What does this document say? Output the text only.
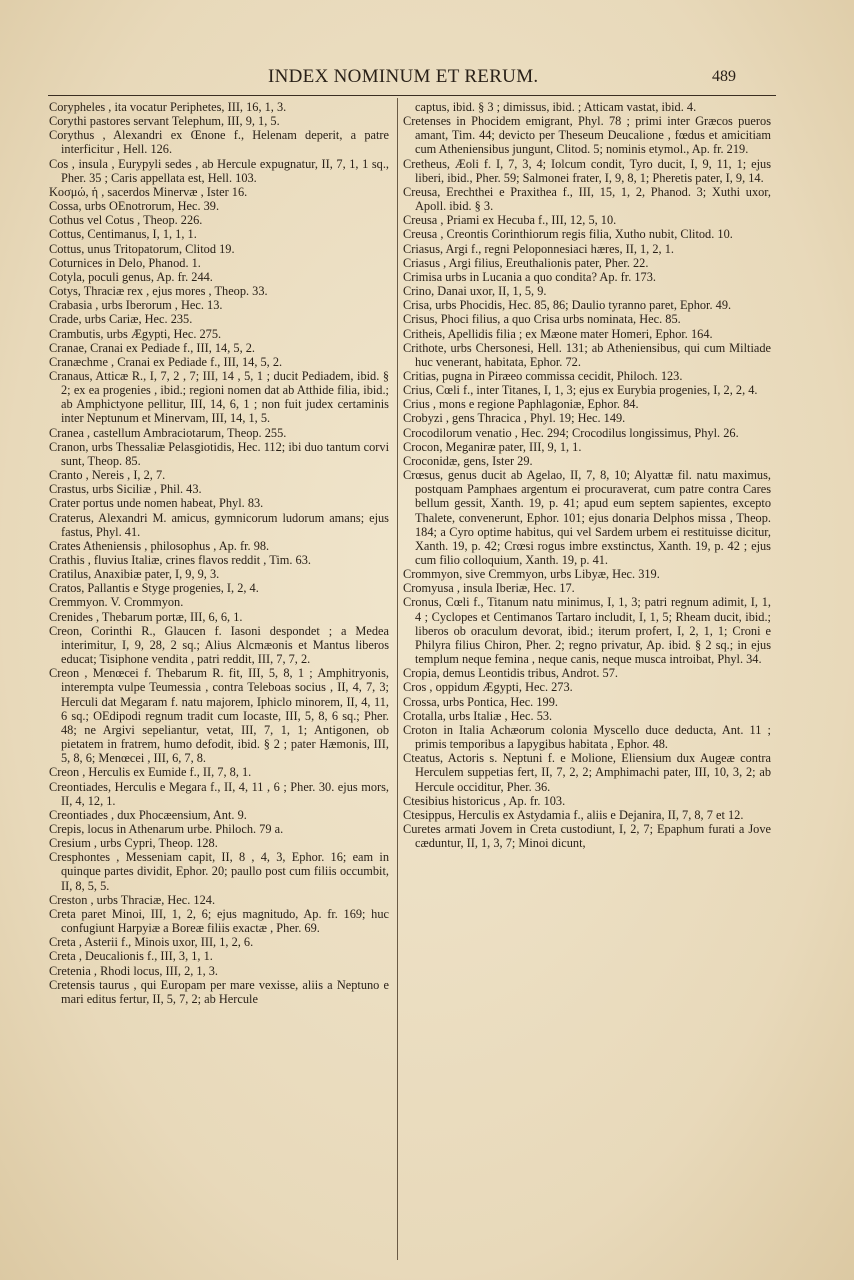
INDEX NOMINUM ET RERUM.	489

Corypheles , ita vocatur Periphetes, III, 16, 1, 3.

Corythi pastores servant Telephum, III, 9, 1, 5.

Corythus , Alexandri ex Œnone f., Helenam deperit, a patre interficitur , Hell. 126.

Cos , insula , Eurypyli sedes , ab Hercule expugnatur, II, 7, 1, 1 sq., Pher. 35 ; Caris appellata est, Hell. 103.

Κοσμώ, ἡ , sacerdos Minervæ , Ister 16.

Cossa, urbs OEnotrorum, Hec. 39.

Cothus vel Cotus , Theop. 226.

Cottus, Centimanus, I, 1, 1, 1.

Cottus, unus Tritopatorum, Clitod 19.

Coturnices in Delo, Phanod. 1.

Cotyla, poculi genus, Ap. fr. 244.

Cotys, Thraciæ rex , ejus mores , Theop. 33.

Crabasia , urbs Iberorum , Hec. 13.

Crade, urbs Cariæ, Hec. 235.

Crambutis, urbs Ægypti, Hec. 275.

Cranae, Cranai ex Pediade f., III, 14, 5, 2.

Cranæchme , Cranai ex Pediade f., III, 14, 5, 2.

Cranaus, Atticæ R., I, 7, 2 , 7; III, 14 , 5, 1 ; ducit Pediadem, ibid. § 2; ex ea progenies , ibid.; regioni nomen dat ab Atthide filia, ibid.; ab Amphictyone pellitur, III, 14, 6, 1 ; non fuit judex certaminis inter Neptunum et Minervam, III, 14, 1, 5.

Cranea , castellum Ambraciotarum, Theop. 255.

Cranon, urbs Thessaliæ Pelasgiotidis, Hec. 112; ibi duo tantum corvi sunt, Theop. 85.

Cranto , Nereis , I, 2, 7.

Crastus, urbs Siciliæ , Phil. 43.

Crater portus unde nomen habeat, Phyl. 83.

Craterus, Alexandri M. amicus, gymnicorum ludorum amans; ejus fastus, Phyl. 41.

Crates Atheniensis , philosophus , Ap. fr. 98.

Crathis , fluvius Italiæ, crines flavos reddit , Tim. 63.

Cratilus, Anaxibiæ pater, I, 9, 9, 3.

Cratos, Pallantis e Styge progenies, I, 2, 4.

Cremmyon. V. Crommyon.

Crenides , Thebarum portæ, III, 6, 6, 1.

Creon, Corinthi R., Glaucen f. Iasoni despondet ; a Medea interimitur, I, 9, 28, 2 sq.; Alius Alcmæonis et Mantus liberos educat; Tisiphone vendita , patri reddit, III, 7, 7, 2.

Creon , Menœcei f. Thebarum R. fit, III, 5, 8, 1 ; Amphitryonis, interempta vulpe Teumessia , contra Teleboas socius , II, 4, 7, 3; Herculi dat Megaram f. natu majorem, Iphiclo minorem, II, 4, 11, 6 sq.; OEdipodi regnum tradit cum Iocaste, III, 5, 8, 6 sq.; Pher. 48; ne Argivi sepeliantur, vetat, III, 7, 1, 1; Antigonen, ob pietatem in fratrem, humo defodit, ibid. § 2 ; pater Hæmonis, III, 5, 8, 6; Menœcei , III, 6, 7, 8.

Creon , Herculis ex Eumide f., II, 7, 8, 1.

Creontiades, Herculis e Megara f., II, 4, 11 , 6 ; Pher. 30. ejus mors, II, 4, 12, 1.

Creontiades , dux Phocæensium, Ant. 9.

Crepis, locus in Athenarum urbe. Philoch. 79 a.

Cresium , urbs Cypri, Theop. 128.

Cresphontes , Messeniam capit, II, 8 , 4, 3, Ephor. 16; eam in quinque partes dividit, Ephor. 20; paullo post cum filiis occumbit, II, 8, 5, 5.

Creston , urbs Thraciæ, Hec. 124.

Creta paret Minoi, III, 1, 2, 6; ejus magnitudo, Ap. fr. 169; huc confugiunt Harpyiæ a Boreæ filiis exactæ , Pher. 69.

Creta , Asterii f., Minois uxor, III, 1, 2, 6.

Creta , Deucalionis f., III, 3, 1, 1.

Cretenia , Rhodi locus, III, 2, 1, 3.

Cretensis taurus , qui Europam per mare vexisse, aliis a Neptuno e mari editus fertur, II, 5, 7, 2; ab Hercule

captus, ibid. § 3 ; dimissus, ibid. ; Atticam vastat, ibid. 4.

Cretenses in Phocidem emigrant, Phyl. 78 ; primi inter Græcos pueros amant, Tim. 44; devicto per Theseum Deucalione , fœdus et amicitiam cum Atheniensibus jungunt, Clitod. 5; nominis etymol., Ap. fr. 219.

Cretheus, Æoli f. I, 7, 3, 4; Iolcum condit, Tyro ducit, I, 9, 11, 1; ejus liberi, ibid., Pher. 59; Salmonei frater, I, 9, 8, 1; Pheretis pater, I, 9, 14.

Creusa, Erechthei e Praxithea f., III, 15, 1, 2, Phanod. 3; Xuthi uxor, Apoll. ibid. § 3.

Creusa , Priami ex Hecuba f., III, 12, 5, 10.

Creusa , Creontis Corinthiorum regis filia, Xutho nubit, Clitod. 10.

Criasus, Argi f., regni Peloponnesiaci hæres, II, 1, 2, 1.

Criasus , Argi filius, Ereuthalionis pater, Pher. 22.

Crimisa urbs in Lucania a quo condita? Ap. fr. 173.

Crino, Danai uxor, II, 1, 5, 9.

Crisa, urbs Phocidis, Hec. 85, 86; Daulio tyranno paret, Ephor. 49.

Crisus, Phoci filius, a quo Crisa urbs nominata, Hec. 85.

Critheis, Apellidis filia ; ex Mæone mater Homeri, Ephor. 164.

Crithote, urbs Chersonesi, Hell. 131; ab Atheniensibus, qui cum Miltiade huc venerant, habitata, Ephor. 72.

Critias, pugna in Piræeo commissa cecidit, Philoch. 123.

Crius, Cœli f., inter Titanes, I, 1, 3; ejus ex Eurybia progenies, I, 2, 2, 4.

Crius , mons e regione Paphlagoniæ, Ephor. 84.

Crobyzi , gens Thracica , Phyl. 19; Hec. 149.

Crocodilorum venatio , Hec. 294; Crocodilus longissimus, Phyl. 26.

Crocon, Meganiræ pater, III, 9, 1, 1.

Croconidæ, gens, Ister 29.

Crœsus, genus ducit ab Agelao, II, 7, 8, 10; Alyattæ fil. natu maximus, postquam Pamphaes argentum ei procuraverat, cum patre contra Cares bellum gessit, Xanth. 19, p. 41; apud eum septem sapientes, excepto Thalete, convenerunt, Ephor. 101; ejus donaria Delphos missa , Theop. 184; a Cyro optime habitus, qui vel Sardem urbem ei restituisse dicitur, Xanth. 19, p. 42; Crœsi rogus imbre exstinctus, Xanth. 19, p. 42 ; ejus cum filio colloquium, Xanth. 19, p. 41.

Crommyon, sive Cremmyon, urbs Libyæ, Hec. 319.

Cromyusa , insula Iberiæ, Hec. 17.

Cronus, Cœli f., Titanum natu minimus, I, 1, 3; patri regnum adimit, I, 1, 4 ; Cyclopes et Centimanos Tartaro includit, I, 1, 5; Rheam ducit, ibid.; liberos ob oraculum devorat, ibid.; iterum profert, I, 2, 1, 1; Croni e Philyra filius Chiron, Pher. 2; regno privatur, Ap. ibid. § 2 sq.; in ejus templum neque femina , neque canis, neque musca introibat, Phyl. 34.

Cropia, demus Leontidis tribus, Androt. 57.

Cros , oppidum Ægypti, Hec. 273.

Crossa, urbs Pontica, Hec. 199.

Crotalla, urbs Italiæ , Hec. 53.

Croton in Italia Achæorum colonia Myscello duce deducta, Ant. 11 ; primis temporibus a Iapygibus habitata , Ephor. 48.

Cteatus, Actoris s. Neptuni f. e Molione, Eliensium dux Augeæ contra Herculem suppetias fert, II, 7, 2, 2; Amphimachi pater, III, 10, 3, 2; ab Hercule occiditur, Pher. 36.

Ctesibius historicus , Ap. fr. 103.

Ctesippus, Herculis ex Astydamia f., aliis e Dejanira, II, 7, 8, 7 et 12.

Curetes armati Jovem in Creta custodiunt, I, 2, 7; Epaphum furati a Jove cæduntur, II, 1, 3, 7; Minoi dicunt,
